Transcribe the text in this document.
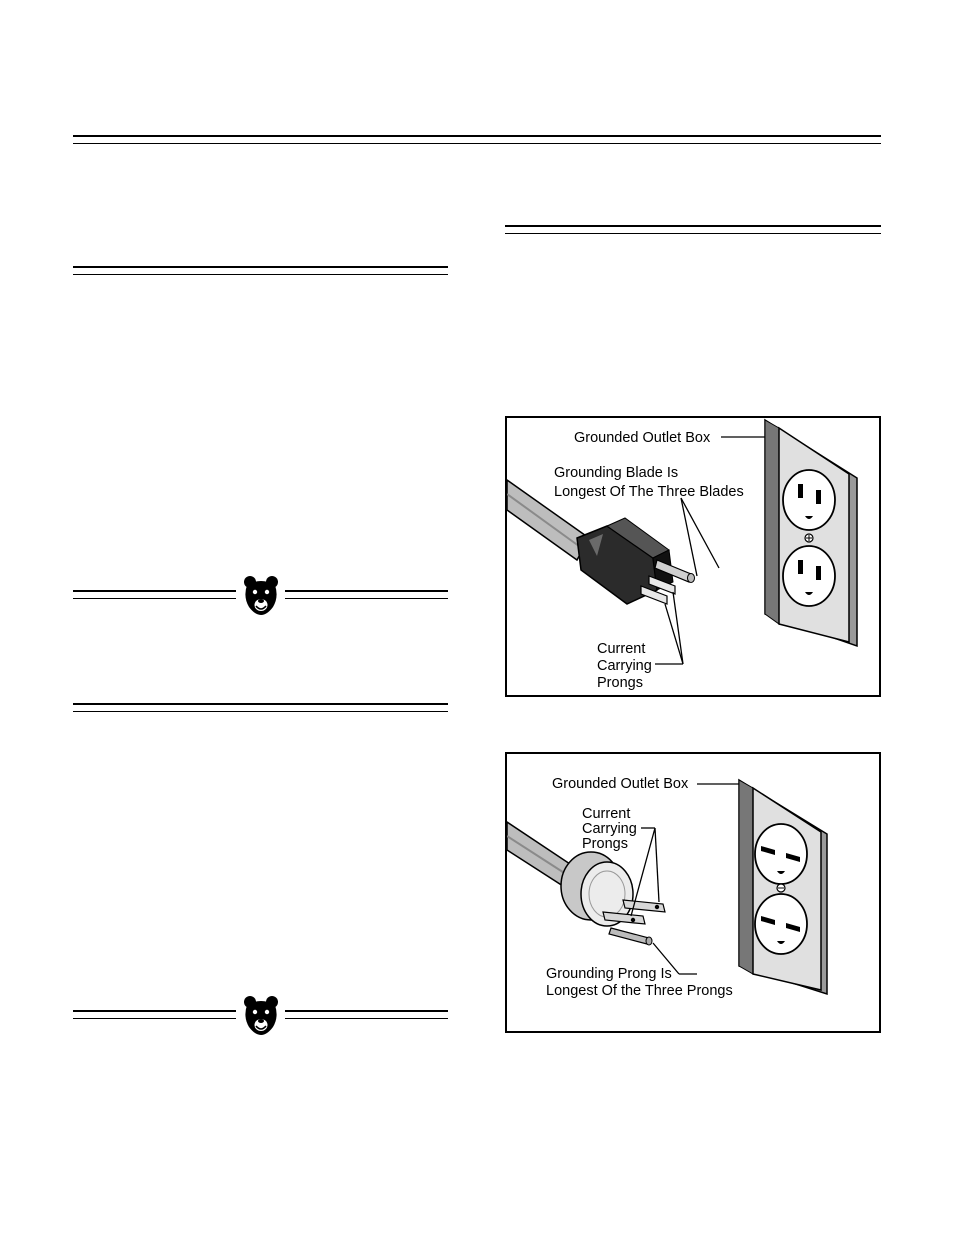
Grounded Outlet Box
Grounding Blade Is
Longest Of The Three Blades
Current
Carrying
Prongs
Grounded Outlet Box
Current
Carrying
Prongs
Grounding Prong Is
Longest Of the Three Prongs
